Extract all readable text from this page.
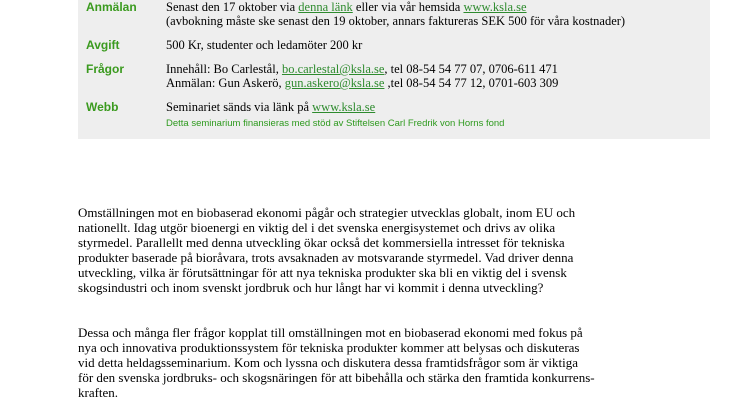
Anmälan Senast den 17 oktober via denna länk eller via vår hemsida www.ksla.se
(avbokning måste ske senast den 19 oktober, annars faktureras SEK 500 för våra kostnader)
Avgift	500 Kr, studenter och ledamöter 200 kr
Frågor	Innehåll: Bo Carlestål, bo.carlestal@ksla.se, tel 08-54 54 77 07, 0706-611 471
Anmälan: Gun Askerö, gun.askero@ksla.se ,tel 08-54 54 77 12, 0701-603 309
Webb	Seminariet sänds via länk på www.ksla.se
Detta seminarium finansieras med stöd av Stiftelsen Carl Fredrik von Horns fond
Omställningen mot en biobaserad ekonomi pågår och strategier utvecklas globalt, inom EU och
nationellt. Idag utgör bioenergi en viktig del i det svenska energisystemet och drivs av olika
styrmedel. Parallellt med denna utveckling ökar också det kommersiella intresset för tekniska
produkter baserade på bioråvara, trots avsaknaden av motsvarande styrmedel. Vad driver denna
utveckling, vilka är förutsättningar för att nya tekniska produkter ska bli en viktig del i svensk
skogsindustri och inom svenskt jordbruk och hur långt har vi kommit i denna utveckling?
Dessa och många fler frågor kopplat till omställningen mot en biobaserad ekonomi med fokus på
nya och innovativa produktionssystem för tekniska produkter kommer att belysas och diskuteras
vid detta heldagsseminarium. Kom och lyssna och diskutera dessa framtidsfrågor som är viktiga
för den svenska jordbruks- och skogsnäringen för att bibehålla och stärka den framtida konkurrens-
kraften.
